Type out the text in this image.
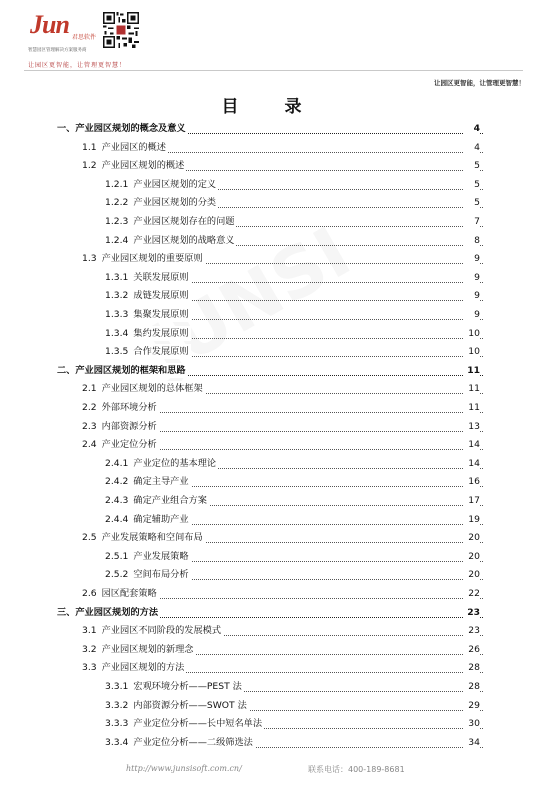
Jun 君思软件
智慧园区管理解决方案服务商
让园区更智能，让管理更智慧！
让园区更智能，让管理更智慧！
目 录
一、产业园区规划的概念及意义	4
1.1 产业园区的概述	4
1.2 产业园区规划的概述	5
1.2.1 产业园区规划的定义	5
1.2.2 产业园区规划的分类	5
1.2.3 产业园区规划存在的问题	7
1.2.4 产业园区规划的战略意义	8
1.3 产业园区规划的重要原则	9
1.3.1 关联发展原则	9
1.3.2 成链发展原则	9
1.3.3 集聚发展原则	9
1.3.4 集约发展原则	10
1.3.5 合作发展原则	10
二、产业园区规划的框架和思路	11
2.1 产业园区规划的总体框架	11
2.2 外部环境分析	11
2.3 内部资源分析	13
2.4 产业定位分析	14
2.4.1 产业定位的基本理论	14
2.4.2 确定主导产业	16
2.4.3 确定产业组合方案	17
2.4.4 确定辅助产业	19
2.5 产业发展策略和空间布局	20
2.5.1 产业发展策略	20
2.5.2 空间布局分析	20
2.6 园区配套策略	22
三、产业园区规划的方法	23
3.1 产业园区不同阶段的发展模式	23
3.2 产业园区规划的新理念	26
3.3 产业园区规划的方法	28
3.3.1 宏观环境分析——PEST 法	28
3.3.2 内部资源分析——SWOT 法	29
3.3.3 产业定位分析——长中短名单法	30
3.3.4 产业定位分析——二级筛选法	34
http://www.junsisoft.com.cn/	联系电话：400-189-8681
